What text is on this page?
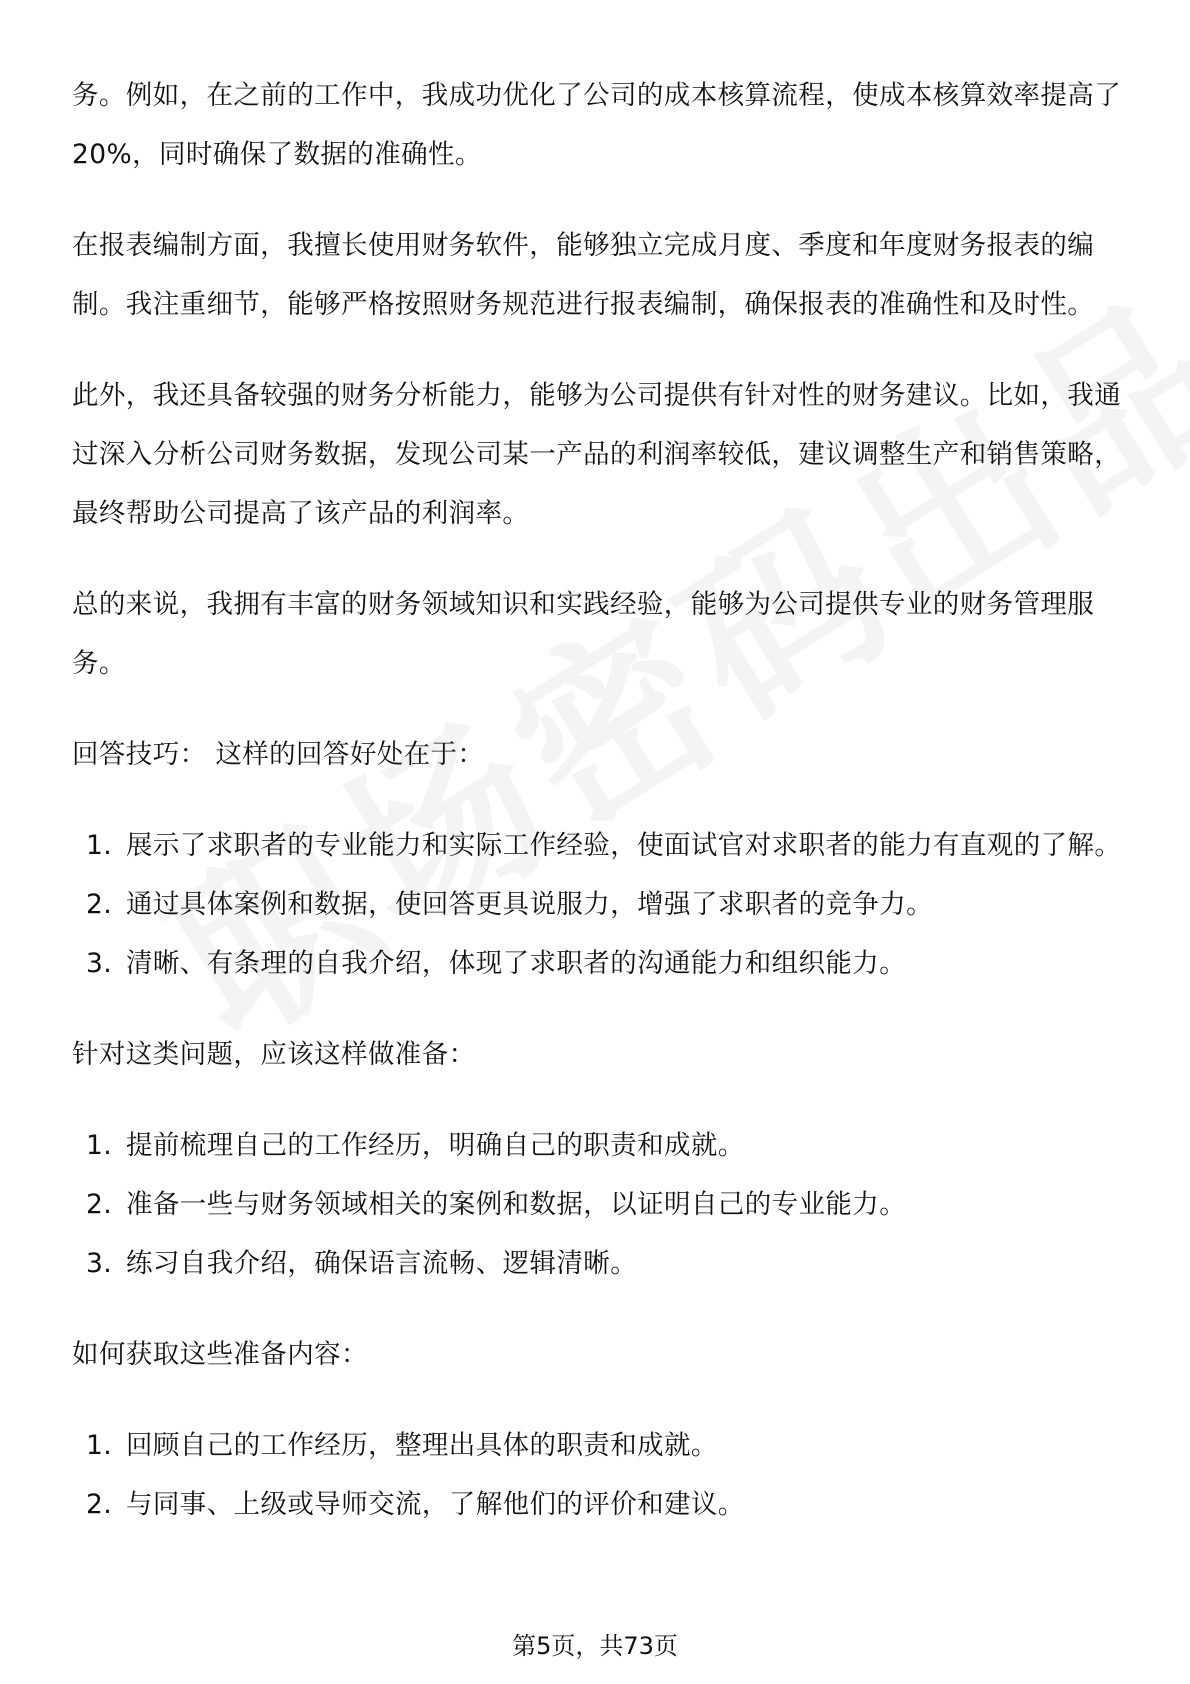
务。例如，在之前的工作中，我成功优化了公司的成本核算流程，使成本核算效率提高了20%，同时确保了数据的准确性。

在报表编制方面，我擅长使用财务软件，能够独立完成月度、季度和年度财务报表的编制。我注重细节，能够严格按照财务规范进行报表编制，确保报表的准确性和及时性。

此外，我还具备较强的财务分析能力，能够为公司提供有针对性的财务建议。比如，我通过深入分析公司财务数据，发现公司某一产品的利润率较低，建议调整生产和销售策略，最终帮助公司提高了该产品的利润率。

总的来说，我拥有丰富的财务领域知识和实践经验，能够为公司提供专业的财务管理服务。

回答技巧： 这样的回答好处在于：

1. 展示了求职者的专业能力和实际工作经验，使面试官对求职者的能力有直观的了解。
2. 通过具体案例和数据，使回答更具说服力，增强了求职者的竞争力。
3. 清晰、有条理的自我介绍，体现了求职者的沟通能力和组织能力。

针对这类问题，应该这样做准备：

1. 提前梳理自己的工作经历，明确自己的职责和成就。
2. 准备一些与财务领域相关的案例和数据，以证明自己的专业能力。
3. 练习自我介绍，确保语言流畅、逻辑清晰。

如何获取这些准备内容：

1. 回顾自己的工作经历，整理出具体的职责和成就。
2. 与同事、上级或导师交流，了解他们的评价和建议。
第5页，共73页
